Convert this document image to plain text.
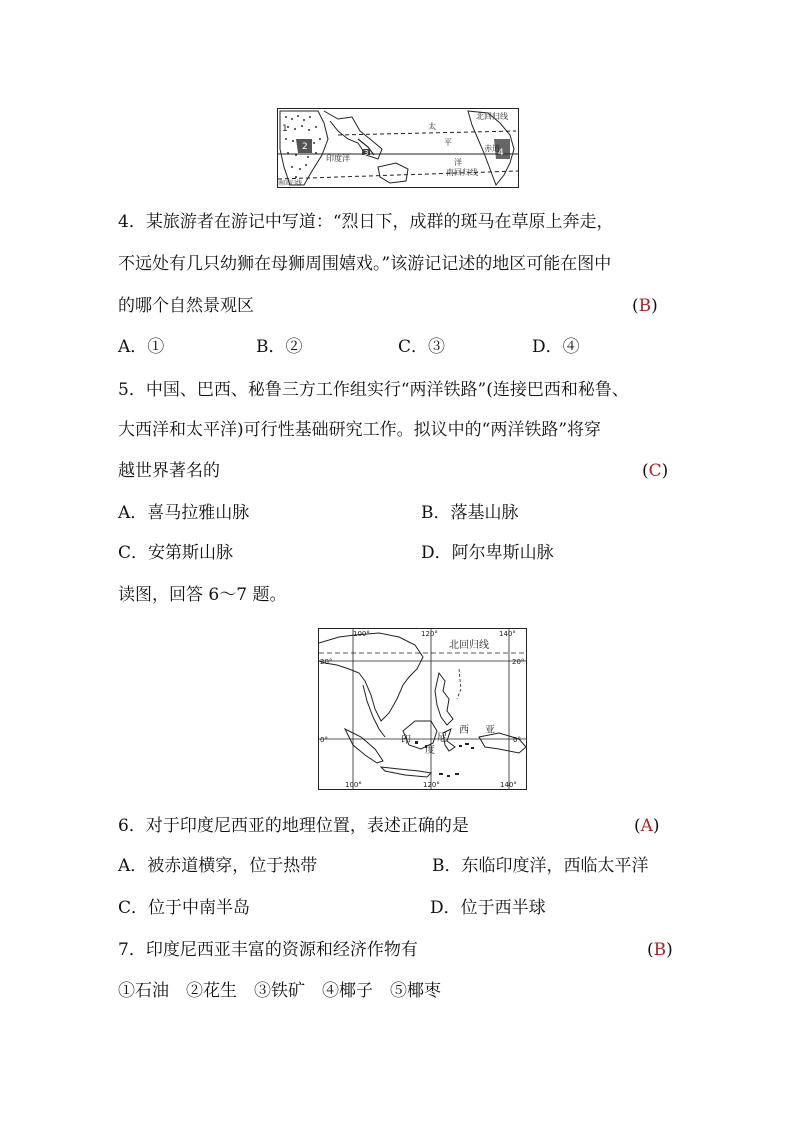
北回归线
太
平
洋
印度洋
赤道
南回归线
南回归线
1
2
3	4
4．某旅游者在游记中写道：“烈日下，成群的斑马在草原上奔走，
不远处有几只幼狮在母狮周围嬉戏。”该游记记述的地区可能在图中
的哪个自然景观区	(B)
A．①	B．②	C．③	D．④
5．中国、巴西、秘鲁三方工作组实行“两洋铁路”(连接巴西和秘鲁、
大西洋和太平洋)可行性基础研究工作。拟议中的“两洋铁路”将穿
越世界著名的	(C)
A．喜马拉雅山脉	B．落基山脉
C．安第斯山脉	D．阿尔卑斯山脉
读图，回答 6～7 题。
北回归线
100°	120°	140°
20°	20°
0°	0°
100°	120°	140°
印
度
尼
西 亚
6．对于印度尼西亚的地理位置，表述正确的是	(A)
A．被赤道横穿，位于热带	B．东临印度洋，西临太平洋
C．位于中南半岛	D．位于西半球
7．印度尼西亚丰富的资源和经济作物有	(B)
①石油　②花生　③铁矿　④椰子　⑤椰枣
